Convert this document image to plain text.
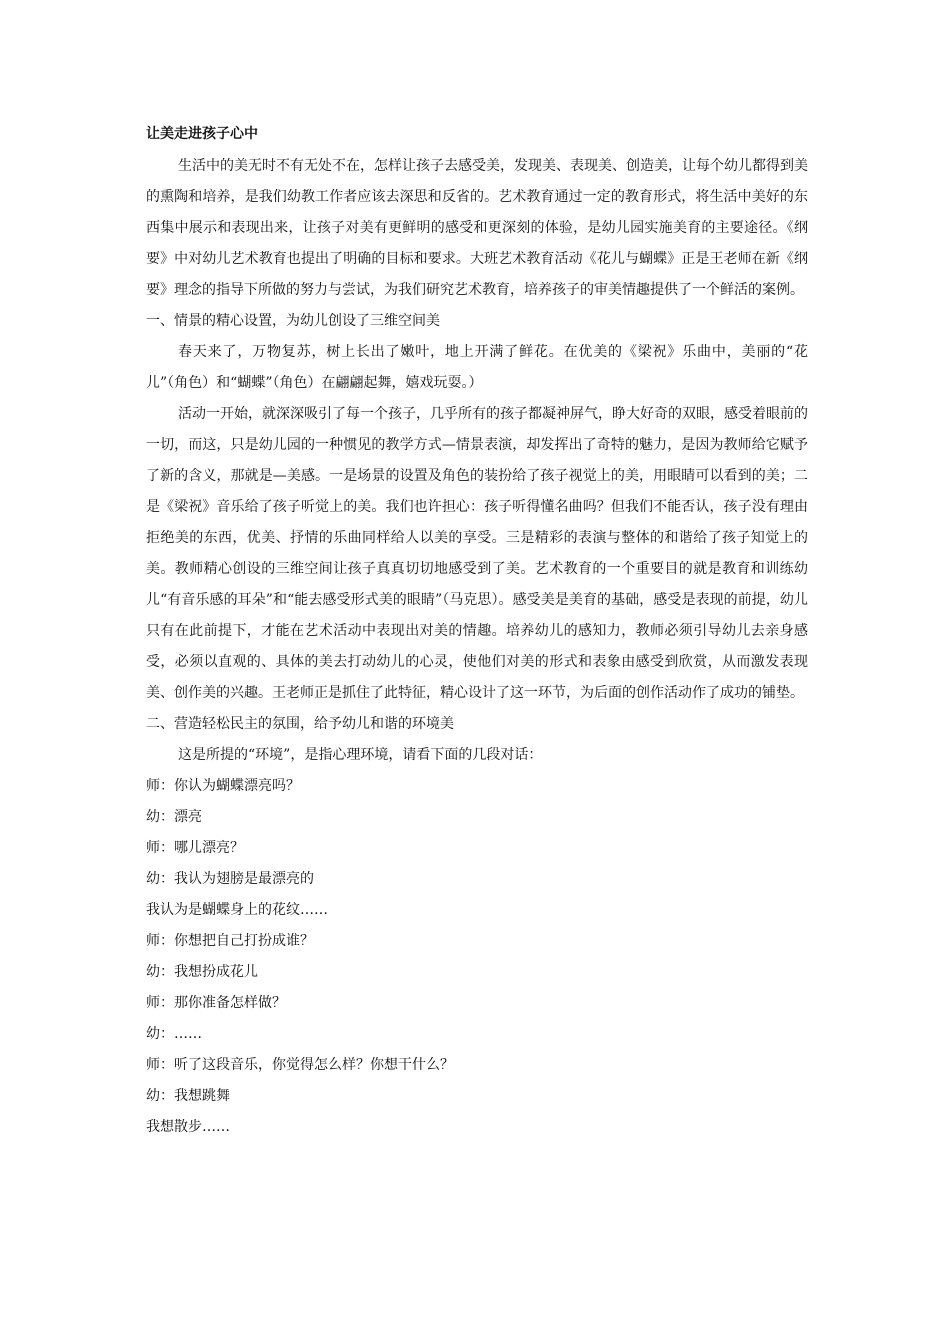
让美走进孩子心中

生活中的美无时不有无处不在，怎样让孩子去感受美，发现美、表现美、创造美，让每个幼儿都得到美的熏陶和培养，是我们幼教工作者应该去深思和反省的。艺术教育通过一定的教育形式，将生活中美好的东西集中展示和表现出来，让孩子对美有更鲜明的感受和更深刻的体验，是幼儿园实施美育的主要途径。《纲要》中对幼儿艺术教育也提出了明确的目标和要求。大班艺术教育活动《花儿与蝴蝶》正是王老师在新《纲要》理念的指导下所做的努力与尝试，为我们研究艺术教育，培养孩子的审美情趣提供了一个鲜活的案例。

一、情景的精心设置，为幼儿创设了三维空间美

春天来了，万物复苏，树上长出了嫩叶，地上开满了鲜花。在优美的《梁祝》乐曲中，美丽的“花儿”（角色）和“蝴蝶”（角色）在翩翩起舞，嬉戏玩耍。）

活动一开始，就深深吸引了每一个孩子，几乎所有的孩子都凝神屏气，睁大好奇的双眼，感受着眼前的一切，而这，只是幼儿园的一种惯见的教学方式—情景表演，却发挥出了奇特的魅力，是因为教师给它赋予了新的含义，那就是—美感。一是场景的设置及角色的装扮给了孩子视觉上的美，用眼睛可以看到的美；二是《梁祝》音乐给了孩子听觉上的美。我们也许担心：孩子听得懂名曲吗？但我们不能否认，孩子没有理由拒绝美的东西，优美、抒情的乐曲同样给人以美的享受。三是精彩的表演与整体的和谐给了孩子知觉上的美。教师精心创设的三维空间让孩子真真切切地感受到了美。艺术教育的一个重要目的就是教育和训练幼儿“有音乐感的耳朵”和“能去感受形式美的眼睛”（马克思）。感受美是美育的基础，感受是表现的前提，幼儿只有在此前提下，才能在艺术活动中表现出对美的情趣。培养幼儿的感知力，教师必须引导幼儿去亲身感受，必须以直观的、具体的美去打动幼儿的心灵，使他们对美的形式和表象由感受到欣赏，从而激发表现美、创作美的兴趣。王老师正是抓住了此特征，精心设计了这一环节，为后面的创作活动作了成功的铺垫。

二、营造轻松民主的氛围，给予幼儿和谐的环境美

这是所提的“环境”，是指心理环境，请看下面的几段对话：

师：你认为蝴蝶漂亮吗？

幼：漂亮

师：哪儿漂亮？

幼：我认为翅膀是最漂亮的

我认为是蝴蝶身上的花纹……

师：你想把自己打扮成谁？

幼：我想扮成花儿

师：那你准备怎样做？

幼：……

师：听了这段音乐，你觉得怎么样？你想干什么？

幼：我想跳舞

我想散步……
